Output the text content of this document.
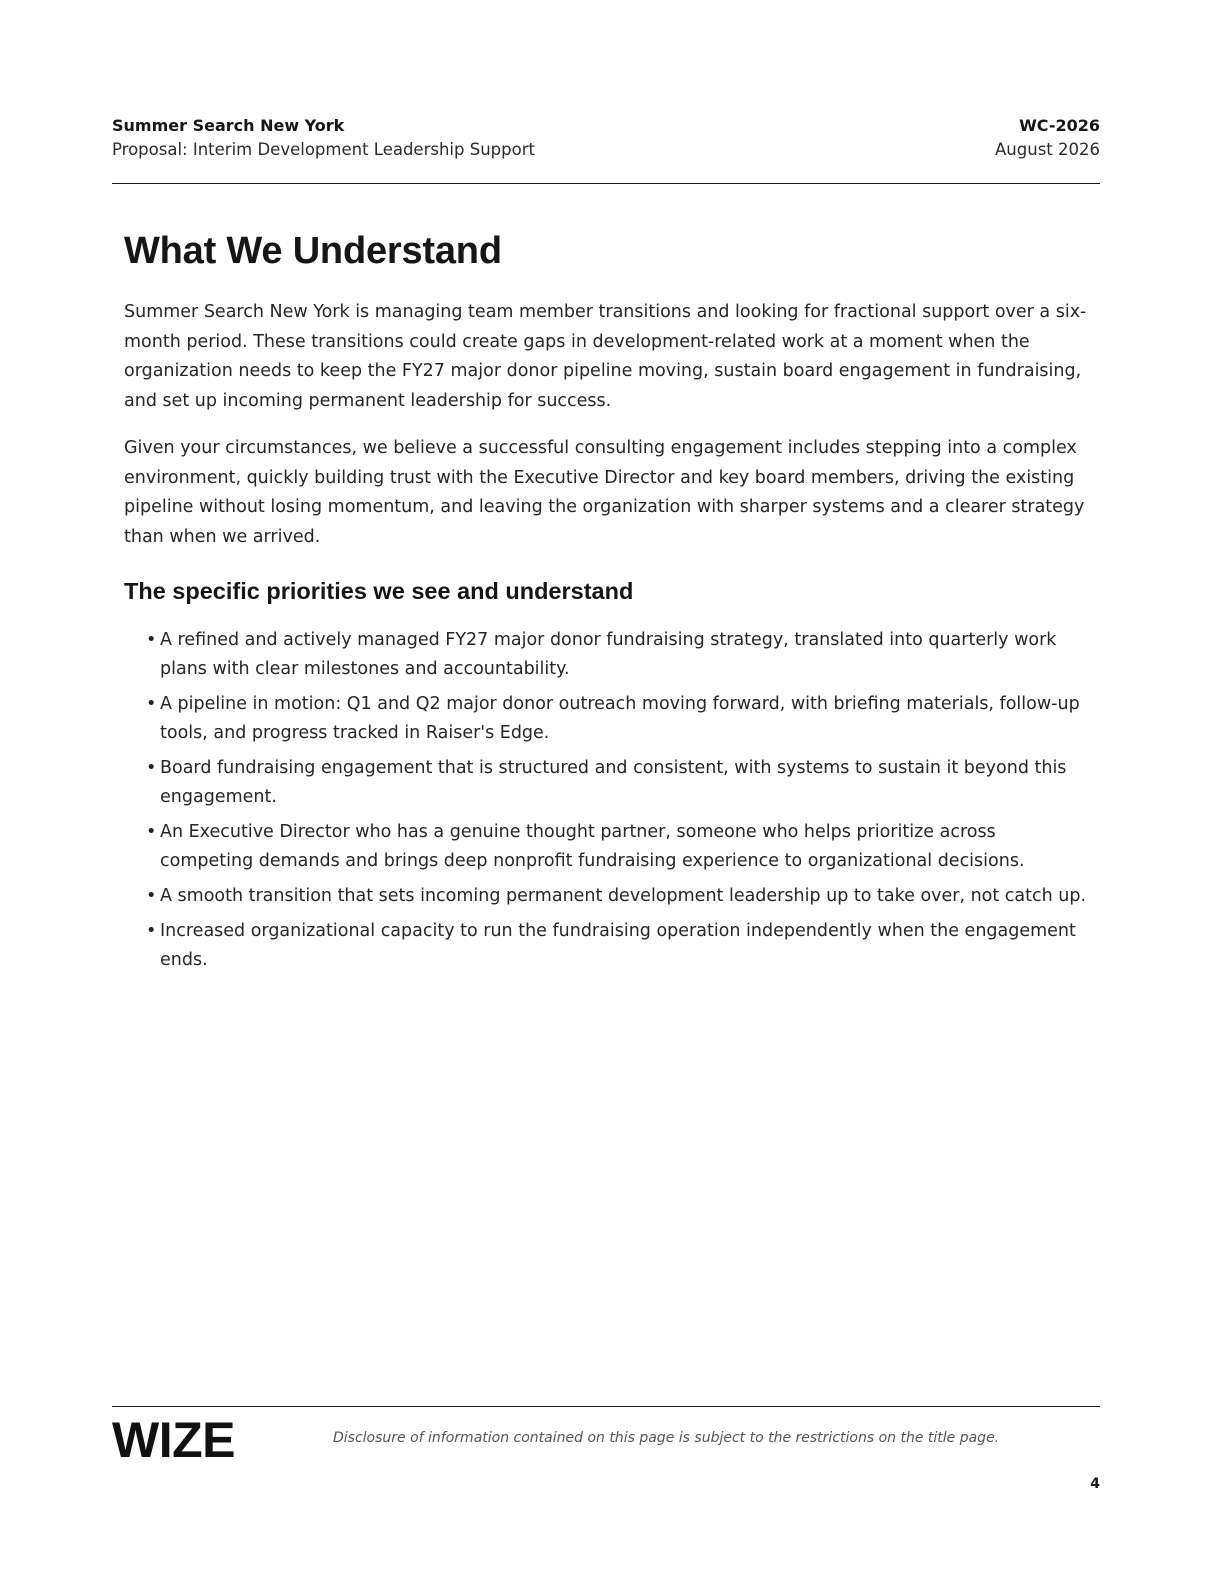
Summer Search New York
Proposal: Interim Development Leadership Support
WC-2026
August 2026
What We Understand

Summer Search New York is managing team member transitions and looking for fractional support over a six-month period. These transitions could create gaps in development-related work at a moment when the organization needs to keep the FY27 major donor pipeline moving, sustain board engagement in fundraising, and set up incoming permanent leadership for success.

Given your circumstances, we believe a successful consulting engagement includes stepping into a complex environment, quickly building trust with the Executive Director and key board members, driving the existing pipeline without losing momentum, and leaving the organization with sharper systems and a clearer strategy than when we arrived.

The specific priorities we see and understand
• A refined and actively managed FY27 major donor fundraising strategy, translated into quarterly work plans with clear milestones and accountability.
• A pipeline in motion: Q1 and Q2 major donor outreach moving forward, with briefing materials, follow-up tools, and progress tracked in Raiser's Edge.
• Board fundraising engagement that is structured and consistent, with systems to sustain it beyond this engagement.
• An Executive Director who has a genuine thought partner, someone who helps prioritize across competing demands and brings deep nonprofit fundraising experience to organizational decisions.
• A smooth transition that sets incoming permanent development leadership up to take over, not catch up.
• Increased organizational capacity to run the fundraising operation independently when the engagement ends.
WIZE	Disclosure of information contained on this page is subject to the restrictions on the title page.
4
